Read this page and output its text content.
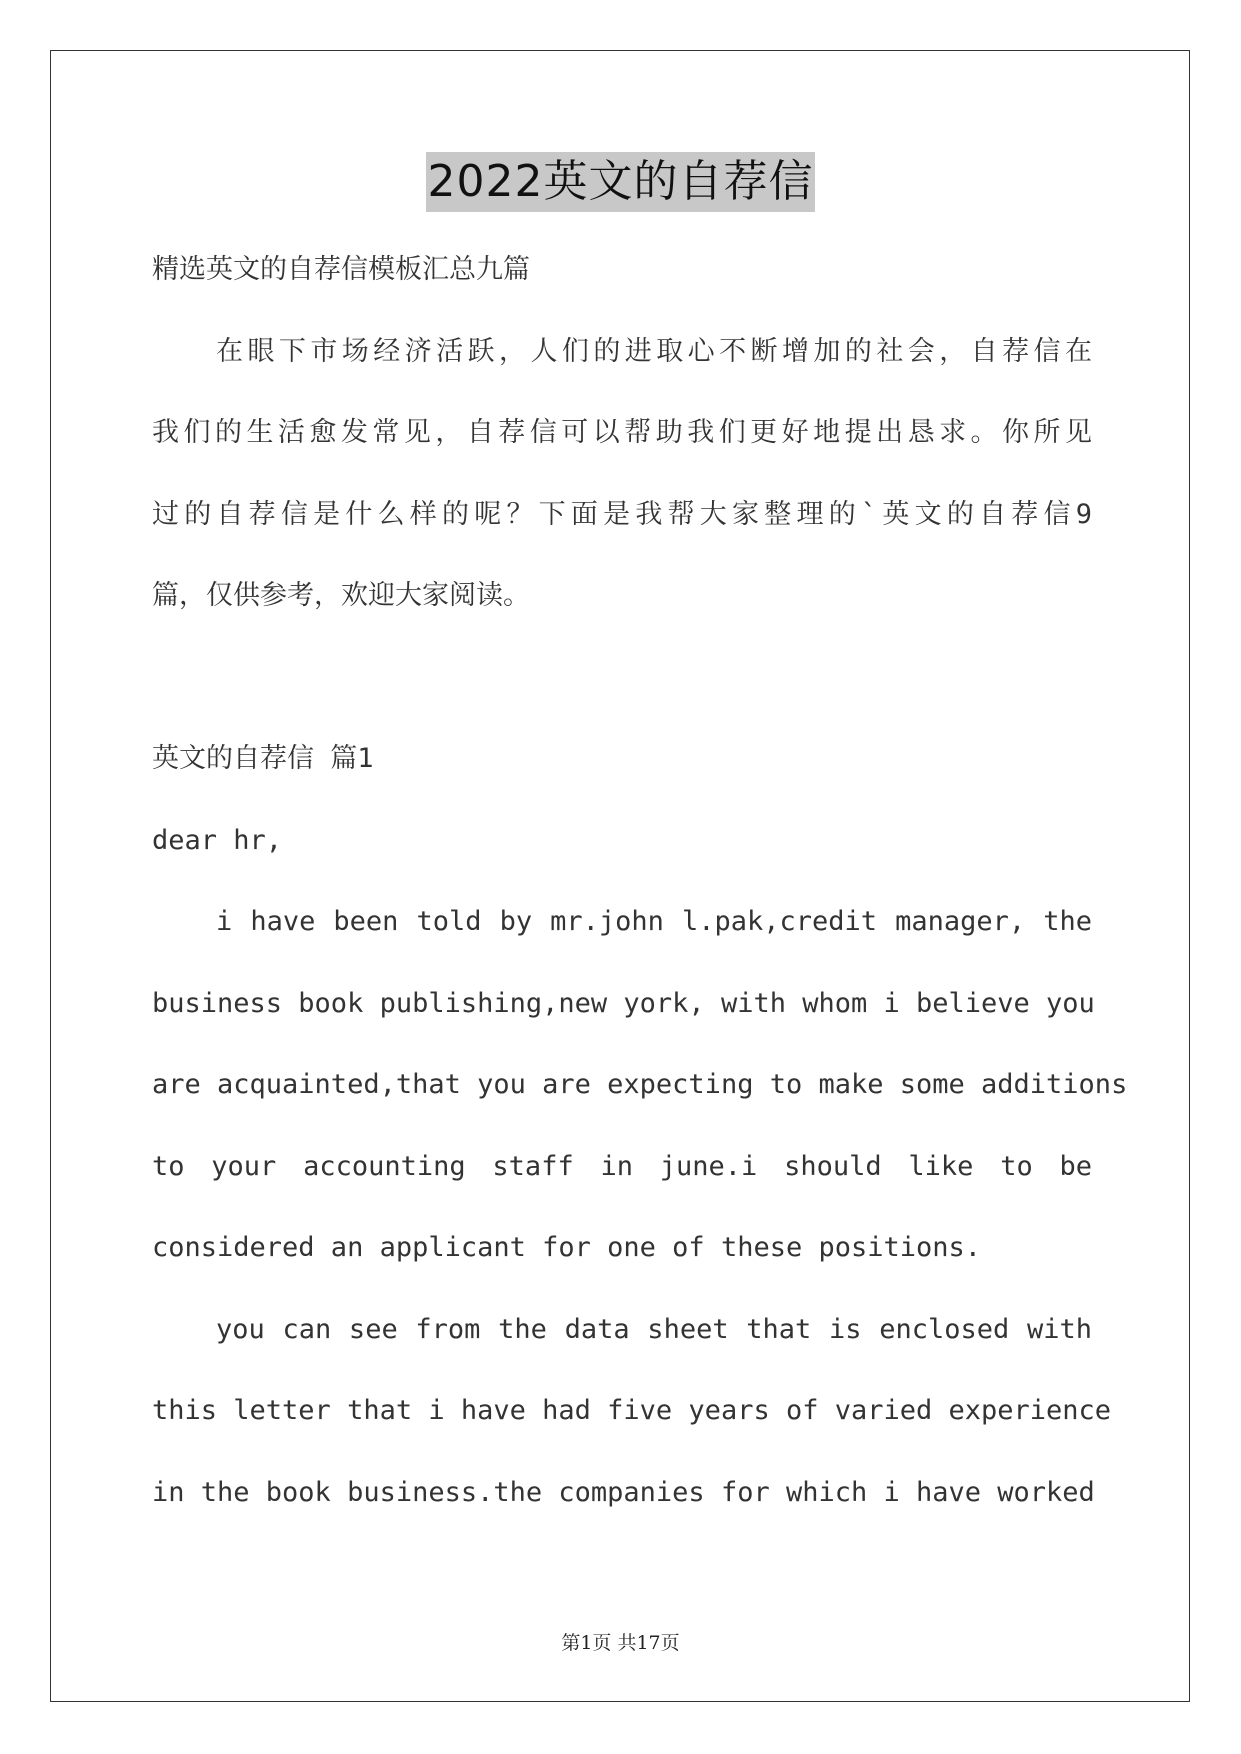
2022英文的自荐信
精选英文的自荐信模板汇总九篇
在眼下市场经济活跃，人们的进取心不断增加的社会，自荐信在
我们的生活愈发常见，自荐信可以帮助我们更好地提出恳求。你所见
过的自荐信是什么样的呢？下面是我帮大家整理的`英文的自荐信9
篇，仅供参考，欢迎大家阅读。
英文的自荐信 篇1
dear hr,
i have been told by mr.john l.pak,credit manager, the
business book publishing,new york, with whom i believe you
are acquainted,that you are expecting to make some additions
to your accounting staff in june.i should like to be
considered an applicant for one of these positions.
you can see from the data sheet that is enclosed with
this letter that i have had five years of varied experience
in the book business.the companies for which i have worked
第1页 共17页
